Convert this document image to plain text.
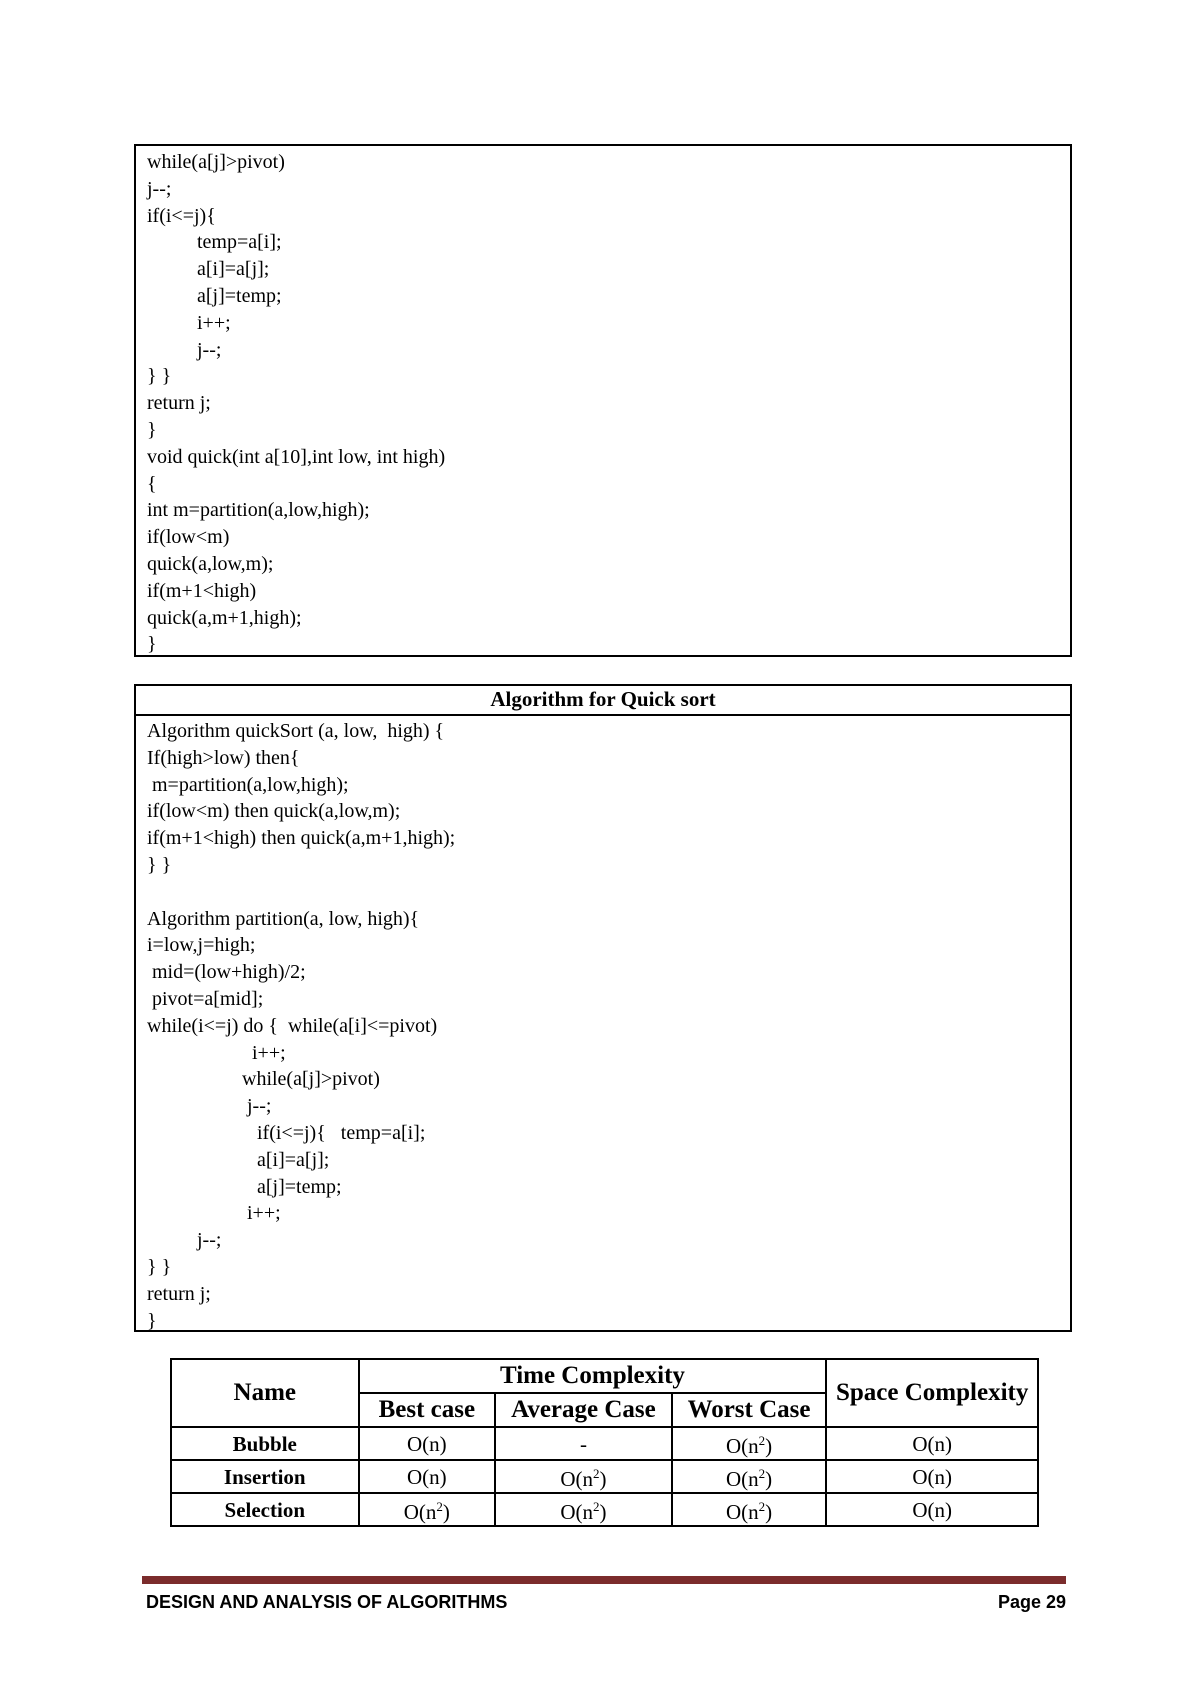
while(a[j]>pivot)
j--;
if(i<=j){
temp=a[i];
a[i]=a[j];
a[j]=temp;
i++;
j--;
} }
return j;
}
void quick(int a[10],int low, int high)
{
int m=partition(a,low,high);
if(low<m)
quick(a,low,m);
if(m+1<high)
quick(a,m+1,high);
}
Algorithm for Quick sort
Algorithm quickSort (a, low,  high) {
If(high>low) then{
m=partition(a,low,high);
if(low<m) then quick(a,low,m);
if(m+1<high) then quick(a,m+1,high);
} }

Algorithm partition(a, low, high){
i=low,j=high;
mid=(low+high)/2;
pivot=a[mid];
while(i<=j) do {  while(a[i]<=pivot)
i++;
while(a[j]>pivot)
j--;
if(i<=j){   temp=a[i];
a[i]=a[j];
a[j]=temp;
i++;
j--;
} }
return j;
}
Name	Time Complexity			Space Complexity
	Best case	Average Case	Worst Case	
Bubble	O(n)	-	$O(n^2)$	O(n)
Insertion	O(n)	$O(n^2)$	$O(n^2)$	O(n)
Selection	$O(n^2)$	$O(n^2)$	$O(n^2)$	O(n)
DESIGN AND ANALYSIS OF ALGORITHMS	Page 29
